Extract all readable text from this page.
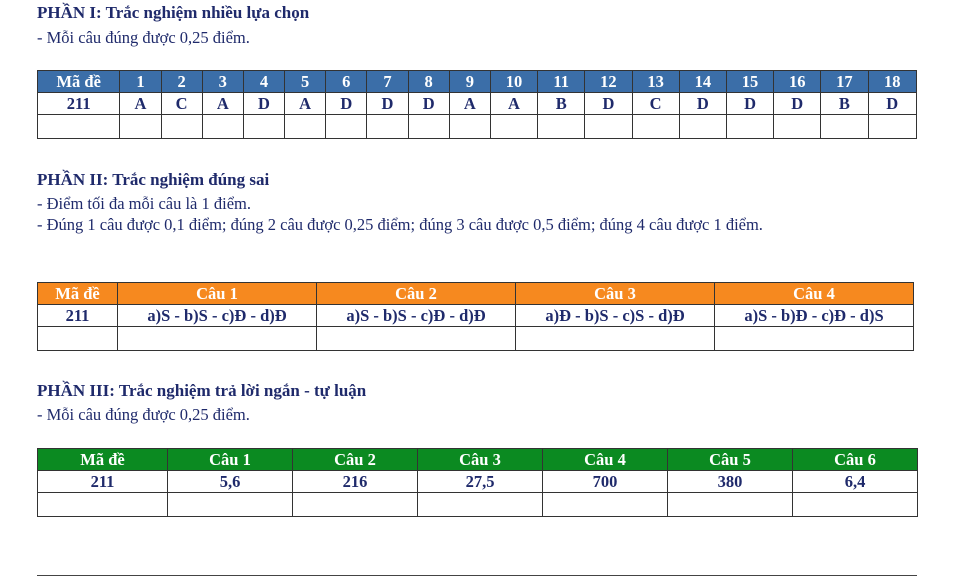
PHẦN I: Trắc nghiệm nhiều lựa chọn

- Mỗi câu đúng được 0,25 điểm.

Mã đề	1	2	3	4	5	6	7	8	9	10	11	12	13	14	15	16	17	18
211	A	C	A	D	A	D	D	D	A	A	B	D	C	D	D	D	B	D

PHẦN II: Trắc nghiệm đúng sai

- Điểm tối đa mỗi câu là 1 điểm.

- Đúng 1 câu được 0,1 điểm; đúng 2 câu được 0,25 điểm; đúng 3 câu được 0,5 điểm; đúng 4 câu được 1 điểm.

Mã đề	Câu 1	Câu 2	Câu 3	Câu 4
211	a)S - b)S - c)Đ - d)Đ	a)S - b)S - c)Đ - d)Đ	a)Đ - b)S - c)S - d)Đ	a)S - b)Đ - c)Đ - d)S

PHẦN III: Trắc nghiệm trả lời ngắn - tự luận

- Mỗi câu đúng được 0,25 điểm.

Mã đề	Câu 1	Câu 2	Câu 3	Câu 4	Câu 5	Câu 6
211	5,6	216	27,5	700	380	6,4
